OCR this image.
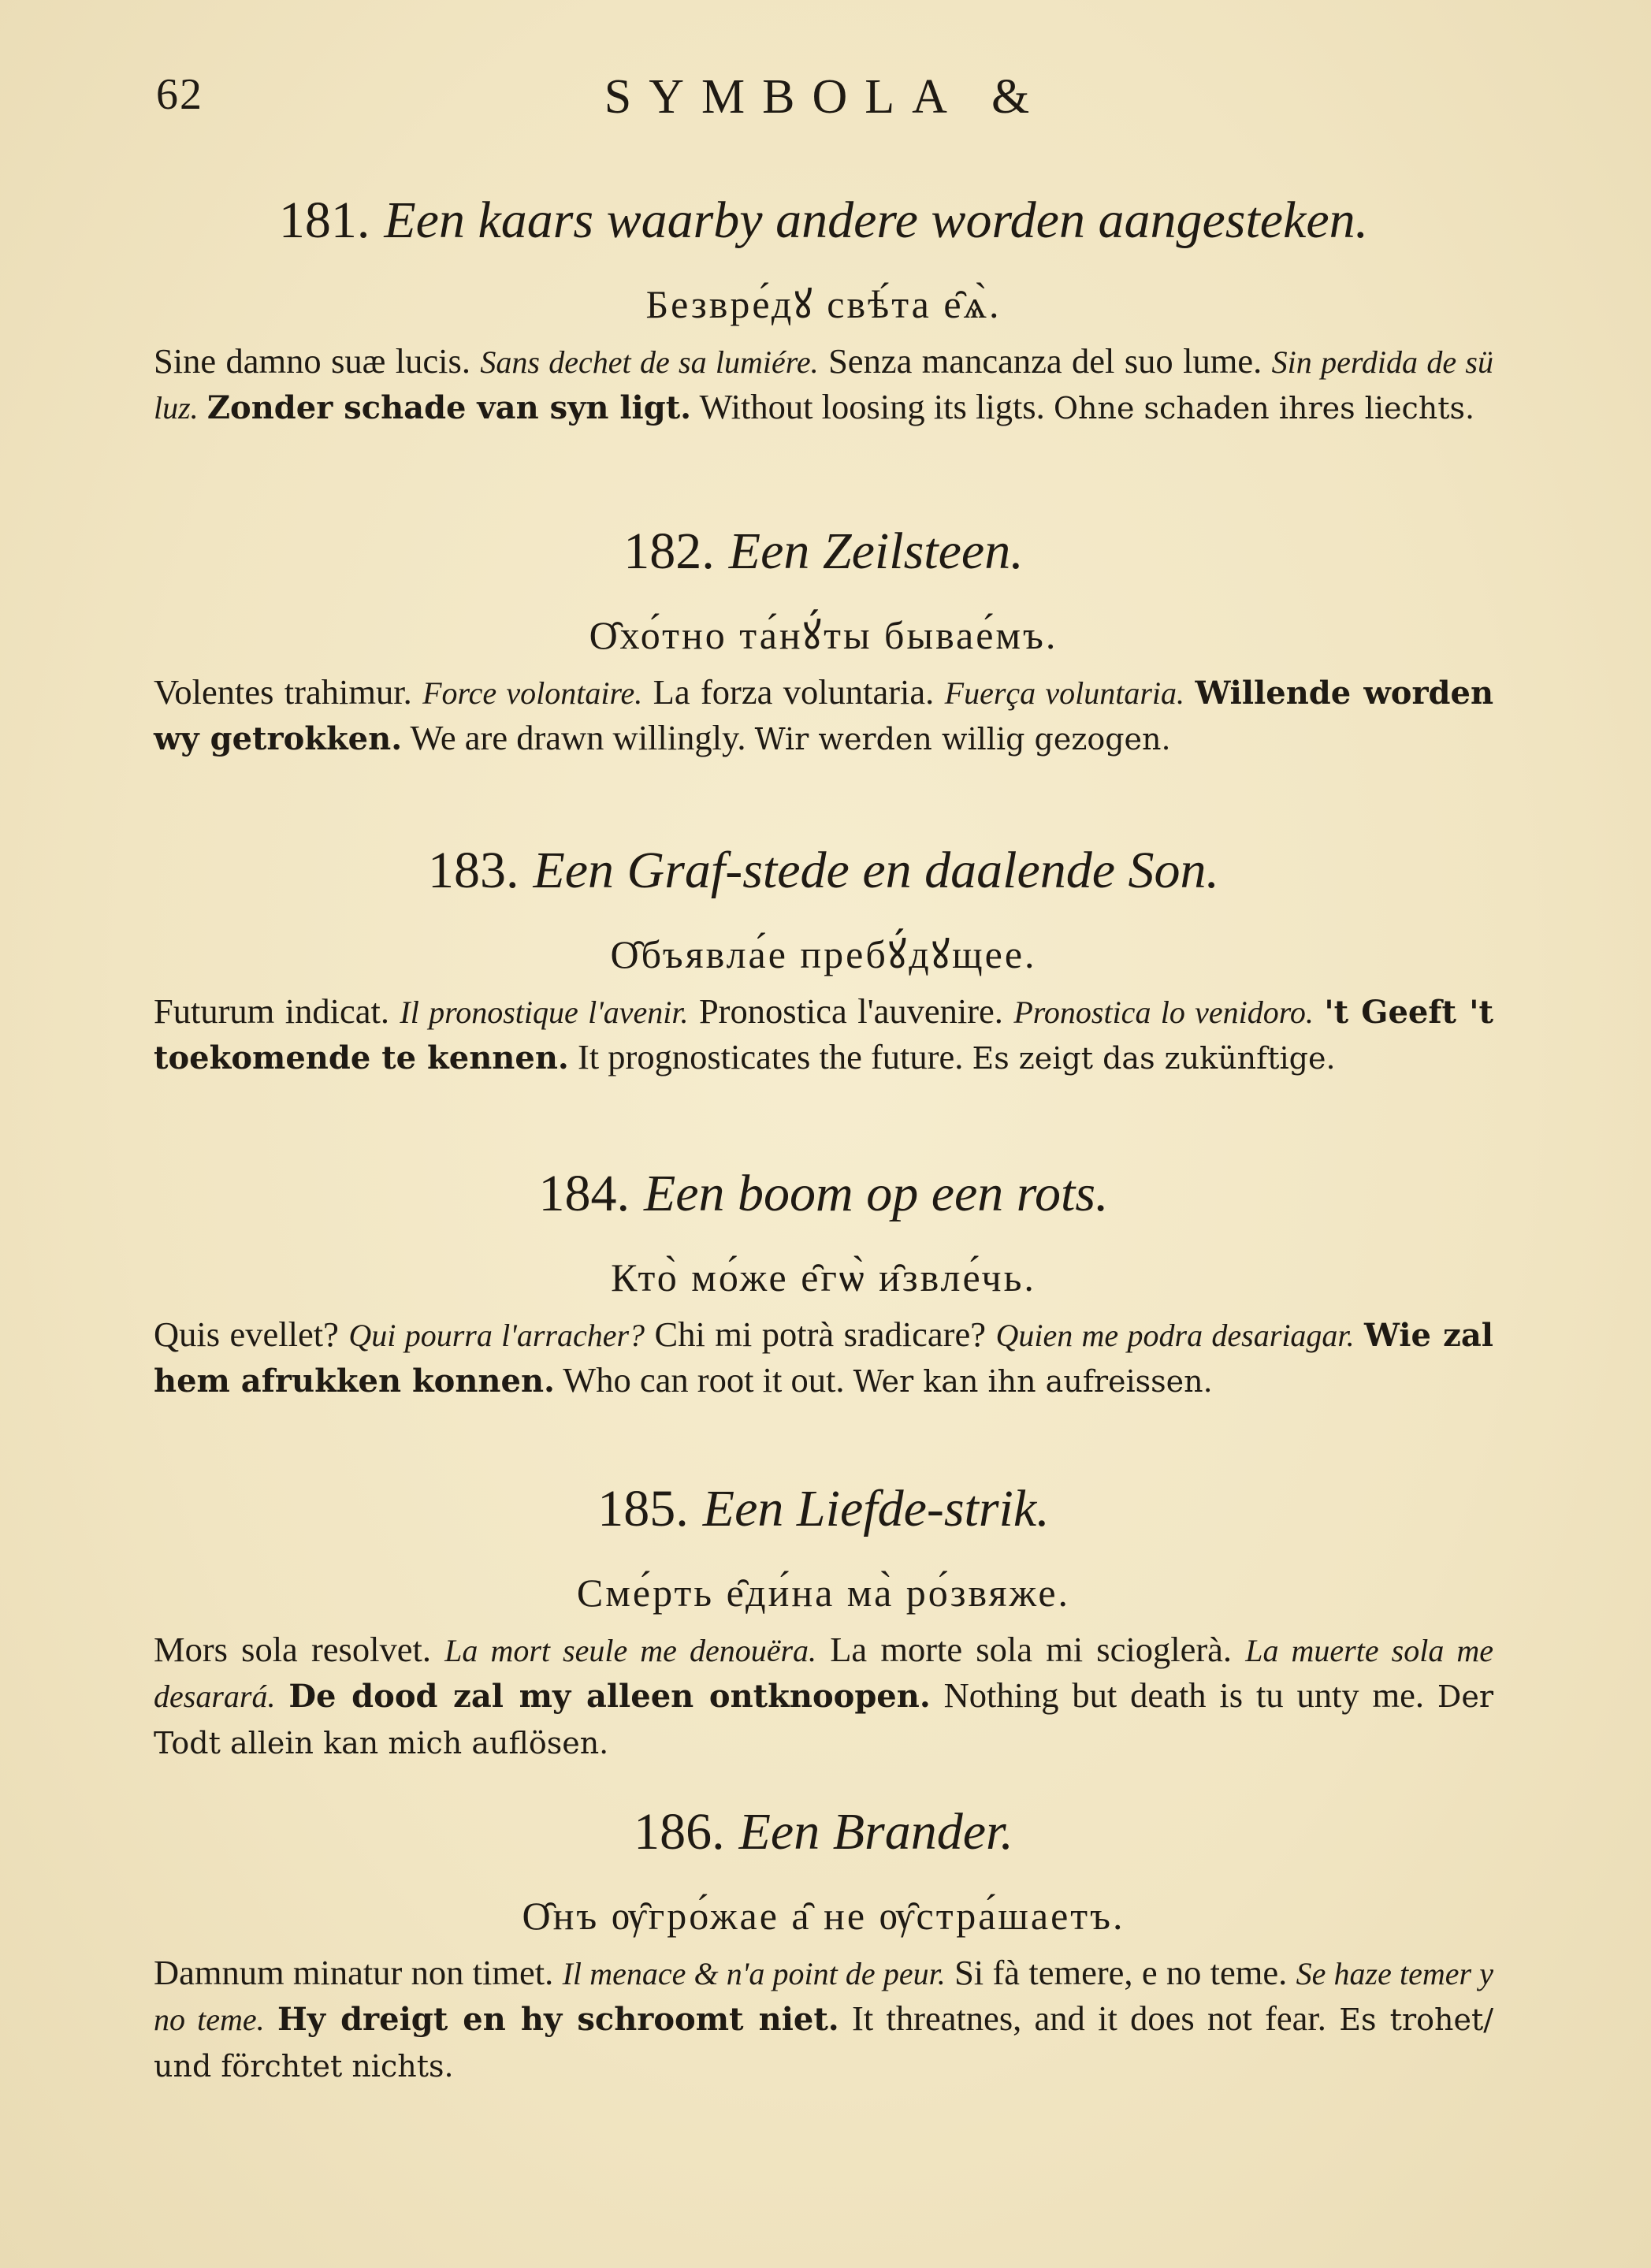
62	SYMBOLA &
181. Een kaars waarby andere worden aangesteken.
Безвре́дꙋ свѣ́та е̑ѧ̀.
Sine damno suæ lucis. Sans dechet de sa lumiére. Senza mancanza del suo lume. Sin perdida de sü luz. Zonder schade van syn ligt. Without loosing its ligts. Ohne schaden ihres liechts.
182. Een Zeilsteen.
О̑хо́тно та́нꙋ́ты бывае́мъ.
Volentes trahimur. Force volontaire. La forza voluntaria. Fuerça voluntaria. Willende worden wy getrokken. We are drawn willingly. Wir werden willig gezogen.
183. Een Graf-stede en daalende Son.
О̑бъявла́е пребꙋ́дꙋщее.
Futurum indicat. Il pronostique l'avenir. Pronostica l'auvenire. Pronostica lo venidoro. 't Geeft 't toekomende te kennen. It prognosticates the future. Es zeigt das zukünftige.
184. Een boom op een rots.
Кто̀ мо́же е̑гѡ̀ и̑звле́чь.
Quis evellet? Qui pourra l'arracher? Chi mi potrà sradicare? Quien me podra desariagar. Wie zal hem afrukken konnen. Who can root it out. Wer kan ihn aufreissen.
185. Een Liefde-strik.
Сме́рть е̑ди́на ма̀ ро́звяже.
Mors sola resolvet. La mort seule me denouëra. La morte sola mi scioglerà. La muerte sola me desarará. De dood zal my alleen ontknoopen. Nothing but death is tu unty me. Der Todt allein kan mich auflösen.
186. Een Brander.
О̑нъ ѹ̑гро́жае а̑ не ѹ̑стра́шаетъ.
Damnum minatur non timet. Il menace & n'a point de peur. Si fà temere, e no teme. Se haze temer y no teme. Hy dreigt en hy schroomt niet. It threatnes, and it does not fear. Es trohet/ und förchtet nichts.
